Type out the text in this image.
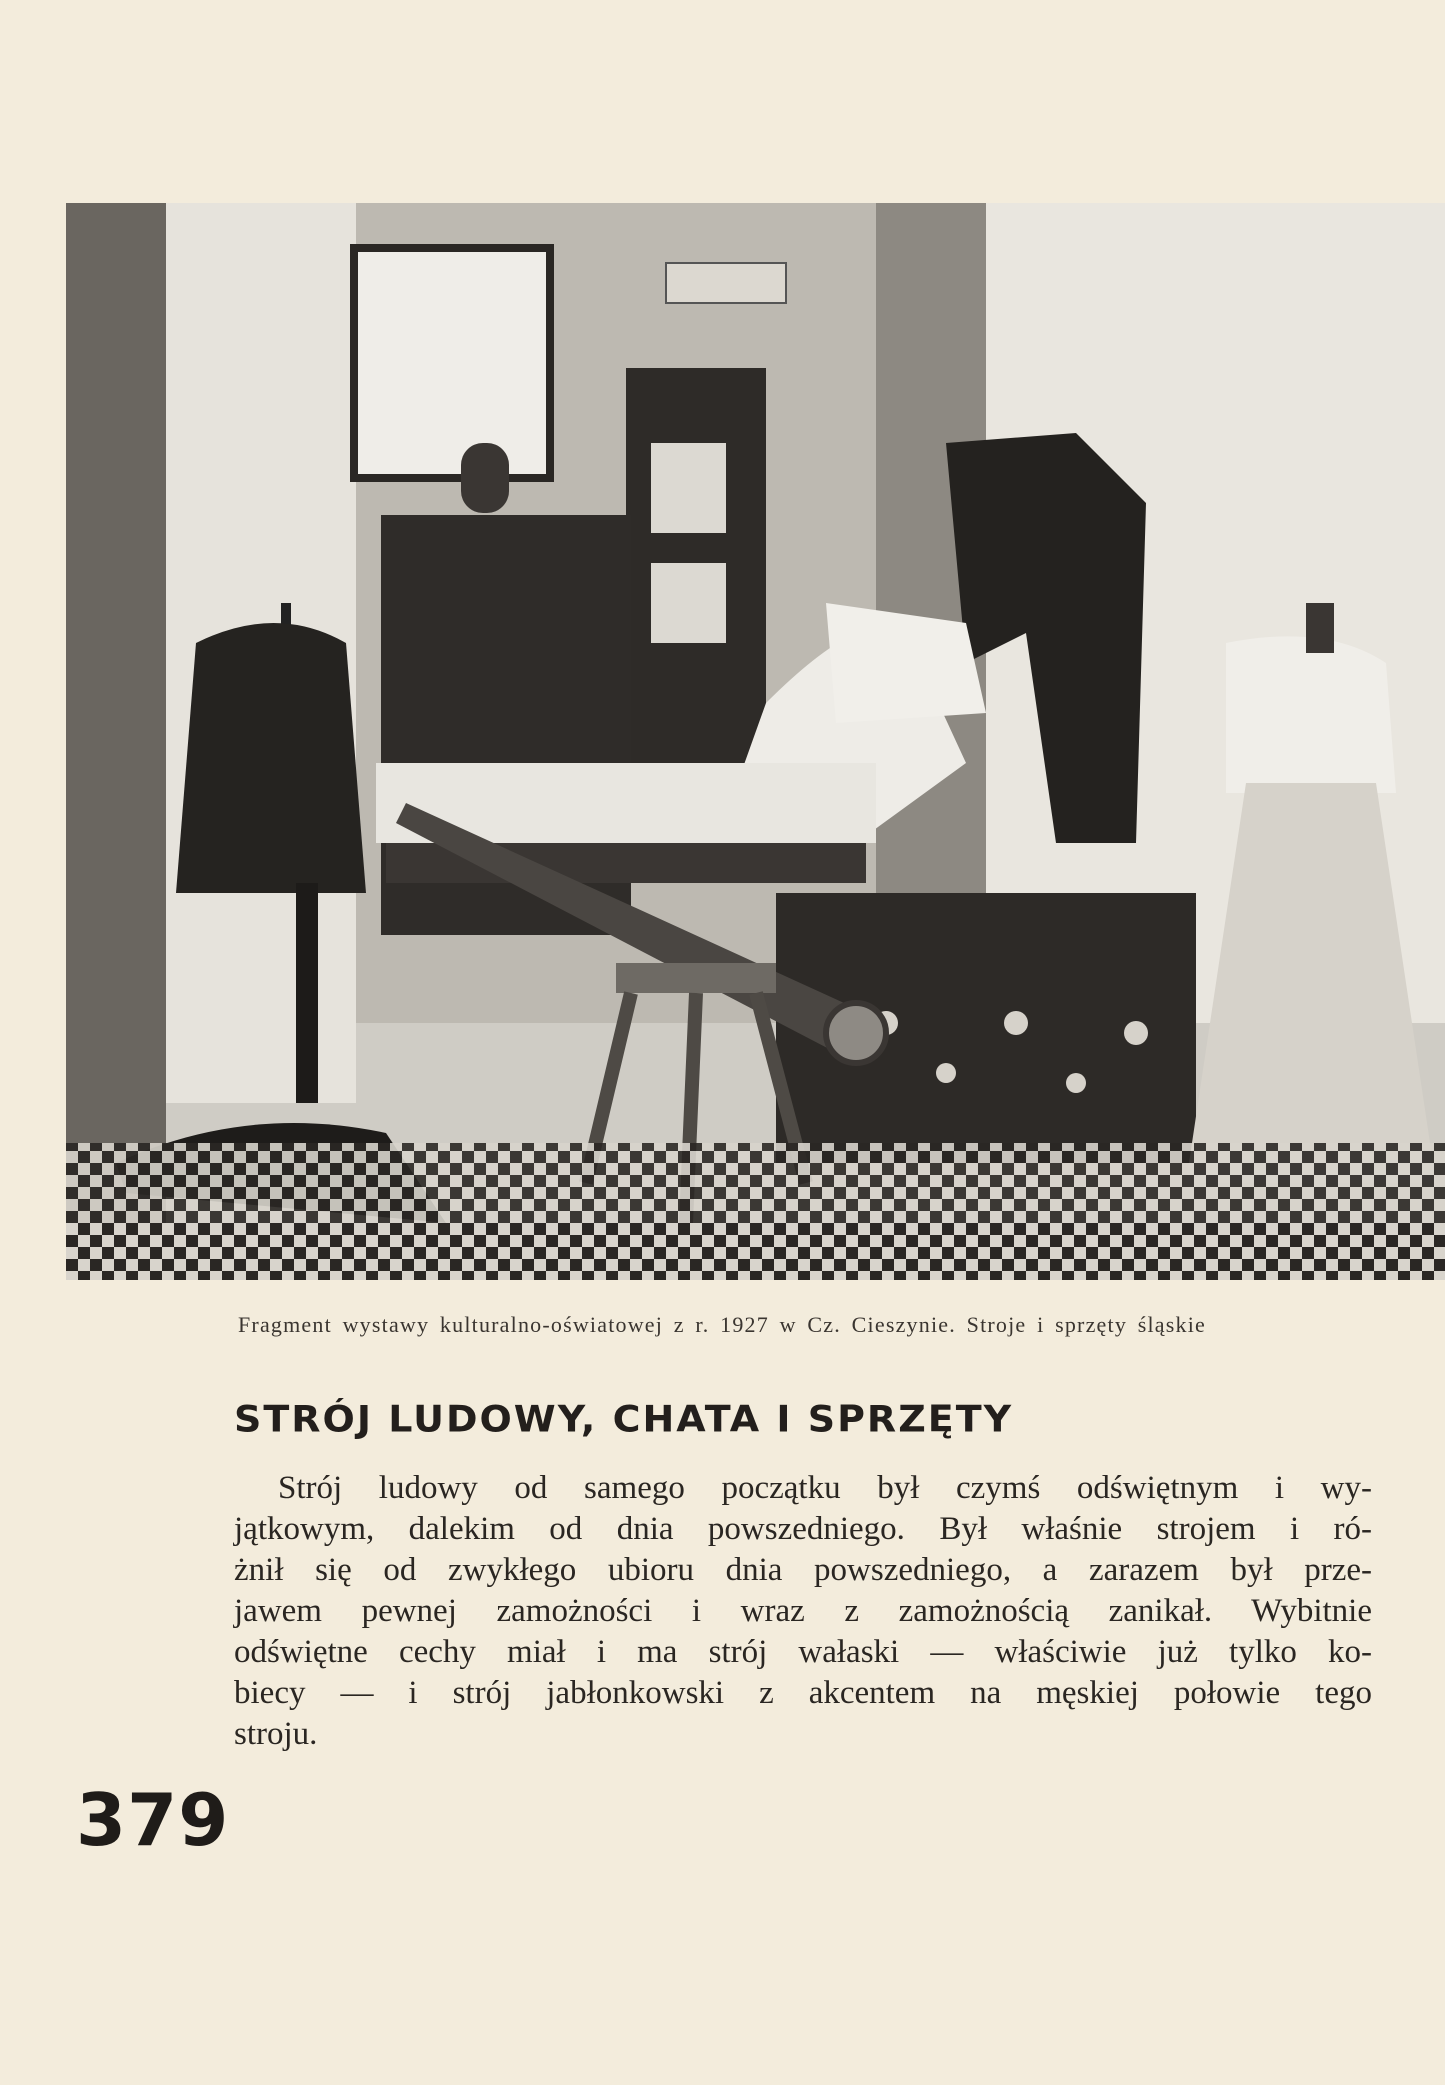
Fragment wystawy kulturalno-oświatowej z r. 1927 w Cz. Cieszynie. Stroje i sprzęty śląskie
STRÓJ LUDOWY, CHATA I SPRZĘTY
Strój ludowy od samego początku był czymś odświętnym i wy-
jątkowym, dalekim od dnia powszedniego. Był właśnie strojem i ró-
żnił się od zwykłego ubioru dnia powszedniego, a zarazem był prze-
jawem pewnej zamożności i wraz z zamożnością zanikał. Wybitnie
odświętne cechy miał i ma strój wałaski — właściwie już tylko ko-
biecy — i strój jabłonkowski z akcentem na męskiej połowie tego
stroju.
379
